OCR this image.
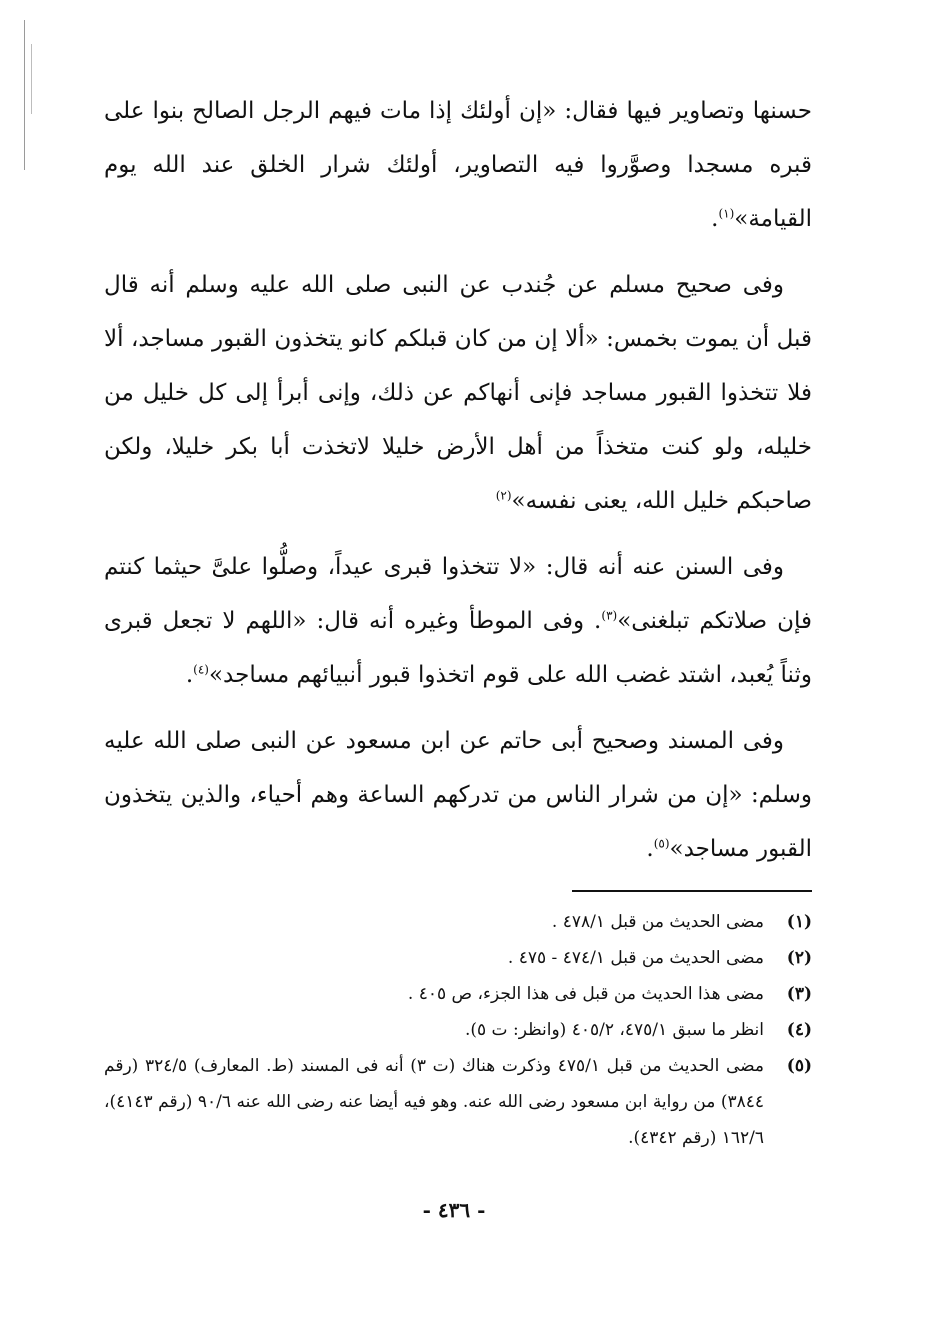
حسنها وتصاوير فيها فقال: «إن أولئك إذا مات فيهم الرجل الصالح بنوا على قبره مسجدا وصوَّروا فيه التصاوير، أولئك شرار الخلق عند الله يوم القيامة»$^{(١)}$.

وفى صحيح مسلم عن جُندب عن النبى صلى الله عليه وسلم أنه قال قبل أن يموت بخمس: «ألا إن من كان قبلكم كانو يتخذون القبور مساجد، ألا فلا تتخذوا القبور مساجد فإنى أنهاكم عن ذلك، وإنى أبرأ إلى كل خليل من خليله، ولو كنت متخذاً من أهل الأرض خليلا لاتخذت أبا بكر خليلا، ولكن صاحبكم خليل الله، يعنى نفسه»$^{(٢)}$

وفى السنن عنه أنه قال: «لا تتخذوا قبرى عيداً، وصلُّوا علىَّ حيثما كنتم فإن صلاتكم تبلغنى»$^{(٣)}$. وفى الموطأ وغيره أنه قال: «اللهم لا تجعل قبرى وثناً يُعبد، اشتد غضب الله على قوم اتخذوا قبور أنبيائهم مساجد»$^{(٤)}$.

وفى المسند وصحيح أبى حاتم عن ابن مسعود عن النبى صلى الله عليه وسلم: «إن من شرار الناس من تدركهم الساعة وهم أحياء، والذين يتخذون القبور مساجد»$^{(٥)}$.

(١)
مضى الحديث من قبل ٤٧٨/١ .
(٢)
مضى الحديث من قبل ٤٧٤/١ - ٤٧٥ .
(٣)
مضى هذا الحديث من قبل فى هذا الجزء، ص ٤٠٥ .
(٤)
انظر ما سبق ٤٧٥/١، ٤٠٥/٢ (وانظر: ت ٥).
(٥)
مضى الحديث من قبل ٤٧٥/١ وذكرت هناك (ت ٣) أنه فى المسند (ط. المعارف) ٣٢٤/٥ (رقم ٣٨٤٤) من رواية ابن مسعود رضى الله عنه. وهو فيه أيضا عنه رضى الله عنه ٩٠/٦ (رقم ٤١٤٣)، ١٦٢/٦ (رقم ٤٣٤٢).
- ٤٣٦ -
